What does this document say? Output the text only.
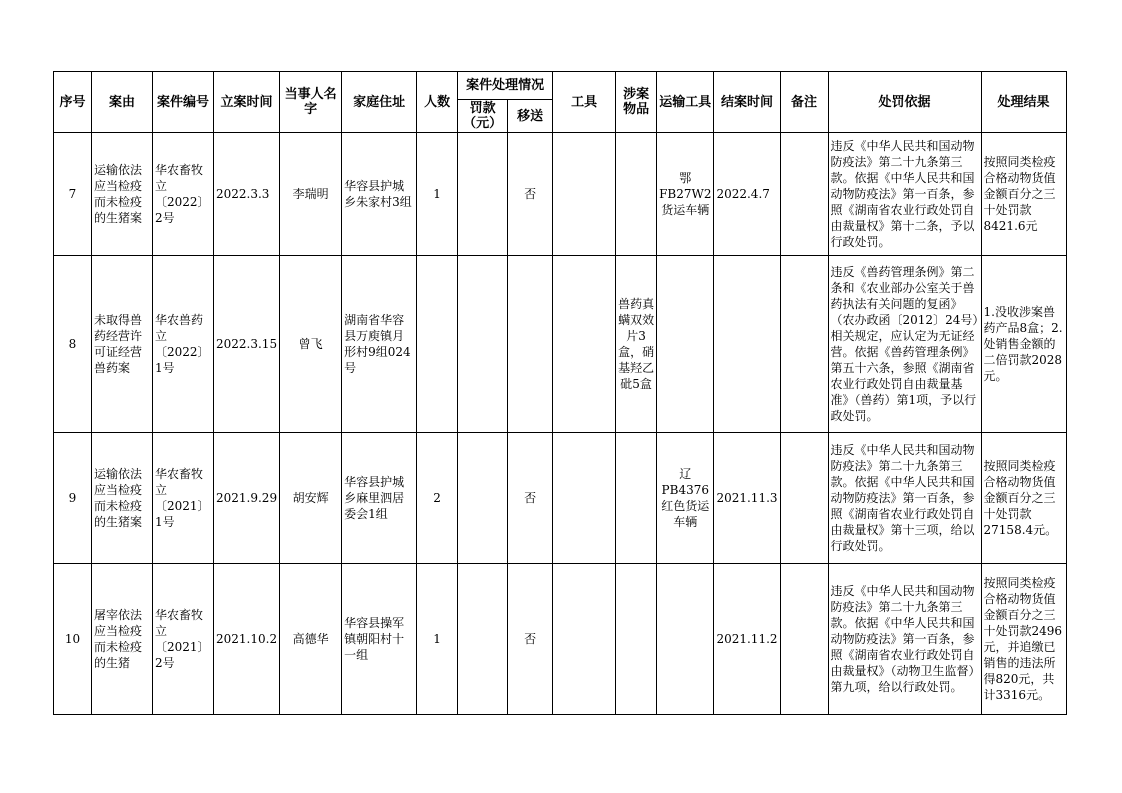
序号	案由	案件编号	立案时间	当事人名字	家庭住址	人数	案件处理情况		工具	涉案物品	运输工具	结案时间	备注	处罚依据	处理结果
							罚款（元）	移送							
7	运输依法应当检疫而未检疫的生猪案	华农畜牧立〔2022〕2号	2022.3.3	李瑞明	华容县护城乡朱家村3组	1		否			鄂FB27W2货运车辆	2022.4.7		违反《中华人民共和国动物防疫法》第二十九条第三款。依据《中华人民共和国动物防疫法》第一百条，参照《湖南省农业行政处罚自由裁量权》第十二条，予以行政处罚。	按照同类检疫合格动物货值金额百分之三十处罚款8421.6元
8	未取得兽药经营许可证经营兽药案	华农兽药立〔2022〕1号	2022.3.15	曾飞	湖南省华容县万庾镇月形村9组024号					兽药真螨双效片3盒，硝基羟乙砒5盒				违反《兽药管理条例》第二条和《农业部办公室关于兽药执法有关问题的复函》（农办政函〔2012〕24号）相关规定，应认定为无证经营。依据《兽药管理条例》第五十六条，参照《湖南省农业行政处罚自由裁量基准》（兽药）第1项，予以行政处罚。	1.没收涉案兽药产品8盒；2.处销售金额的二倍罚款2028元。
9	运输依法应当检疫而未检疫的生猪案	华农畜牧立〔2021〕1号	2021.9.29	胡安辉	华容县护城乡麻里泗居委会1组	2		否			辽PB4376红色货运车辆	2021.11.3		违反《中华人民共和国动物防疫法》第二十九条第三款。依据《中华人民共和国动物防疫法》第一百条，参照《湖南省农业行政处罚自由裁量权》第十三项，给以行政处罚。	按照同类检疫合格动物货值金额百分之三十处罚款27158.4元。
10	屠宰依法应当检疫而未检疫的生猪	华农畜牧立〔2021〕2号	2021.10.2	高德华	华容县操军镇朝阳村十一组	1		否				2021.11.2		违反《中华人民共和国动物防疫法》第二十九条第三款。依据《中华人民共和国动物防疫法》第一百条，参照《湖南省农业行政处罚自由裁量权》（动物卫生监督）第九项，给以行政处罚。	按照同类检疫合格动物货值金额百分之三十处罚款2496元，并追缴已销售的违法所得820元，共计3316元。
